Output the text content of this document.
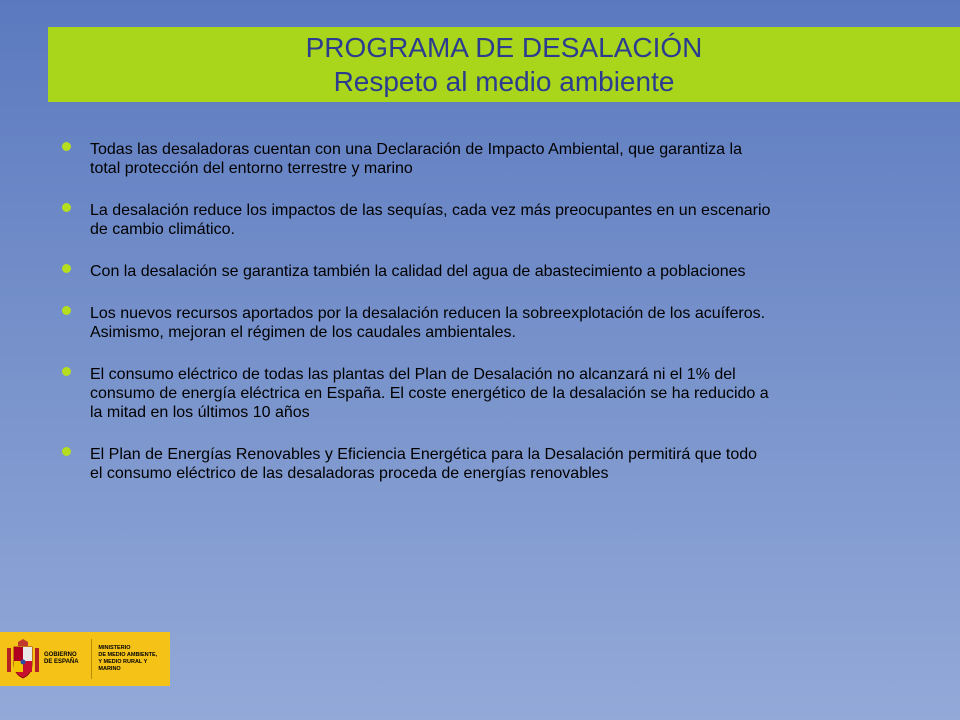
PROGRAMA DE DESALACIÓN
Respeto al medio ambiente
Todas las desaladoras cuentan con una Declaración de Impacto Ambiental, que garantiza la
total protección del entorno terrestre y marino
La desalación reduce los impactos de las sequías, cada vez más preocupantes en un escenario
de cambio climático.
Con la desalación se garantiza también la calidad del agua de abastecimiento a poblaciones
Los nuevos recursos aportados por la desalación reducen la sobreexplotación de los acuíferos.
Asimismo, mejoran el régimen de los caudales ambientales.
El consumo eléctrico de todas las plantas del Plan de Desalación no alcanzará ni el 1% del
consumo de energía eléctrica en España. El coste energético de la desalación se ha reducido a
la mitad en los últimos 10 años
El Plan de Energías Renovables y Eficiencia Energética para la Desalación permitirá que todo
el consumo eléctrico de las desaladoras proceda de energías renovables
GOBIERNO
DE ESPAÑA
MINISTERIO
DE MEDIO AMBIENTE,
Y MEDIO RURAL Y MARINO
